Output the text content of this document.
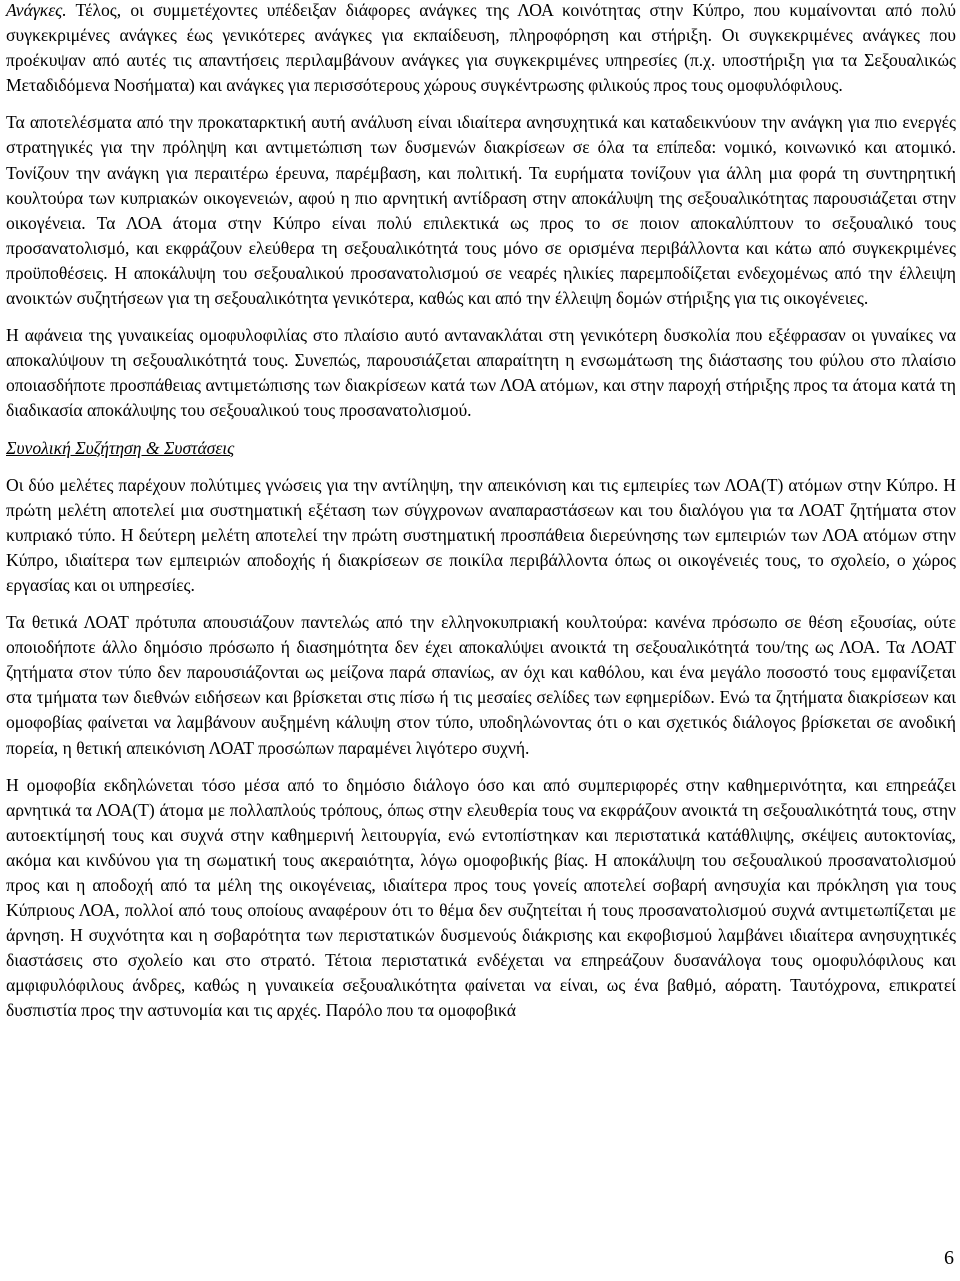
Ανάγκες. Τέλος, οι συμμετέχοντες υπέδειξαν διάφορες ανάγκες της ΛΟΑ κοινότητας στην Κύπρο, που κυμαίνονται από πολύ συγκεκριμένες ανάγκες έως γενικότερες ανάγκες για εκπαίδευση, πληροφόρηση και στήριξη. Οι συγκεκριμένες ανάγκες που προέκυψαν από αυτές τις απαντήσεις περιλαμβάνουν ανάγκες για συγκεκριμένες υπηρεσίες (π.χ. υποστήριξη για τα Σεξουαλικώς Μεταδιδόμενα Νοσήματα) και ανάγκες για περισσότερους χώρους συγκέντρωσης φιλικούς προς τους ομοφυλόφιλους.

Τα αποτελέσματα από την προκαταρκτική αυτή ανάλυση είναι ιδιαίτερα ανησυχητικά και καταδεικνύουν την ανάγκη για πιο ενεργές στρατηγικές για την πρόληψη και αντιμετώπιση των δυσμενών διακρίσεων σε όλα τα επίπεδα: νομικό, κοινωνικό και ατομικό. Τονίζουν την ανάγκη για περαιτέρω έρευνα, παρέμβαση, και πολιτική. Τα ευρήματα τονίζουν για άλλη μια φορά τη συντηρητική κουλτούρα των κυπριακών οικογενειών, αφού η πιο αρνητική αντίδραση στην αποκάλυψη της σεξουαλικότητας παρουσιάζεται στην οικογένεια. Τα ΛΟΑ άτομα στην Κύπρο είναι πολύ επιλεκτικά ως προς το σε ποιον αποκαλύπτουν το σεξουαλικό τους προσανατολισμό, και εκφράζουν ελεύθερα τη σεξουαλικότητά τους μόνο σε ορισμένα περιβάλλοντα και κάτω από συγκεκριμένες προϋποθέσεις. Η αποκάλυψη του σεξουαλικού προσανατολισμού σε νεαρές ηλικίες παρεμποδίζεται ενδεχομένως από την έλλειψη ανοικτών συζητήσεων για τη σεξουαλικότητα γενικότερα, καθώς και από την έλλειψη δομών στήριξης για τις οικογένειες.

Η αφάνεια της γυναικείας ομοφυλοφιλίας στο πλαίσιο αυτό αντανακλάται στη γενικότερη δυσκολία που εξέφρασαν οι γυναίκες να αποκαλύψουν τη σεξουαλικότητά τους. Συνεπώς, παρουσιάζεται απαραίτητη η ενσωμάτωση της διάστασης του φύλου στο πλαίσιο οποιασδήποτε προσπάθειας αντιμετώπισης των διακρίσεων κατά των ΛΟΑ ατόμων, και στην παροχή στήριξης προς τα άτομα κατά τη διαδικασία αποκάλυψης του σεξουαλικού τους προσανατολισμού.

Συνολική Συζήτηση & Συστάσεις

Οι δύο μελέτες παρέχουν πολύτιμες γνώσεις για την αντίληψη, την απεικόνιση και τις εμπειρίες των ΛΟΑ(Τ) ατόμων στην Κύπρο. Η πρώτη μελέτη αποτελεί μια συστηματική εξέταση των σύγχρονων αναπαραστάσεων και του διαλόγου για τα ΛΟΑΤ ζητήματα στον κυπριακό τύπο. Η δεύτερη μελέτη αποτελεί την πρώτη συστηματική προσπάθεια διερεύνησης των εμπειριών των ΛΟΑ ατόμων στην Κύπρο, ιδιαίτερα των εμπειριών αποδοχής ή διακρίσεων σε ποικίλα περιβάλλοντα όπως οι οικογένειές τους, το σχολείο, ο χώρος εργασίας και οι υπηρεσίες.

Τα θετικά ΛΟΑΤ πρότυπα απουσιάζουν παντελώς από την ελληνοκυπριακή κουλτούρα: κανένα πρόσωπο σε θέση εξουσίας, ούτε οποιοδήποτε άλλο δημόσιο πρόσωπο ή διασημότητα δεν έχει αποκαλύψει ανοικτά τη σεξουαλικότητά του/της ως ΛΟΑ. Τα ΛΟΑΤ ζητήματα στον τύπο δεν παρουσιάζονται ως μείζονα παρά σπανίως, αν όχι και καθόλου, και ένα μεγάλο ποσοστό τους εμφανίζεται στα τμήματα των διεθνών ειδήσεων και βρίσκεται στις πίσω ή τις μεσαίες σελίδες των εφημερίδων. Ενώ τα ζητήματα διακρίσεων και ομοφοβίας φαίνεται να λαμβάνουν αυξημένη κάλυψη στον τύπο, υποδηλώνοντας ότι ο και σχετικός διάλογος βρίσκεται σε ανοδική πορεία, η θετική απεικόνιση ΛΟΑΤ προσώπων παραμένει λιγότερο συχνή.

Η ομοφοβία εκδηλώνεται τόσο μέσα από το δημόσιο διάλογο όσο και από συμπεριφορές στην καθημερινότητα, και επηρεάζει αρνητικά τα ΛΟΑ(Τ) άτομα με πολλαπλούς τρόπους, όπως στην ελευθερία τους να εκφράζουν ανοικτά τη σεξουαλικότητά τους, στην αυτοεκτίμησή τους και συχνά στην καθημερινή λειτουργία, ενώ εντοπίστηκαν και περιστατικά κατάθλιψης, σκέψεις αυτοκτονίας, ακόμα και κινδύνου για τη σωματική τους ακεραιότητα, λόγω ομοφοβικής βίας. Η αποκάλυψη του σεξουαλικού προσανατολισμού προς και η αποδοχή από τα μέλη της οικογένειας, ιδιαίτερα προς τους γονείς αποτελεί σοβαρή ανησυχία και πρόκληση για τους Κύπριους ΛΟΑ, πολλοί από τους οποίους αναφέρουν ότι το θέμα δεν συζητείται ή τους προσανατολισμού συχνά αντιμετωπίζεται με άρνηση. Η συχνότητα και η σοβαρότητα των περιστατικών δυσμενούς διάκρισης και εκφοβισμού λαμβάνει ιδιαίτερα ανησυχητικές διαστάσεις στο σχολείο και στο στρατό. Τέτοια περιστατικά ενδέχεται να επηρεάζουν δυσανάλογα τους ομοφυλόφιλους και αμφιφυλόφιλους άνδρες, καθώς η γυναικεία σεξουαλικότητα φαίνεται να είναι, ως ένα βαθμό, αόρατη. Ταυτόχρονα, επικρατεί δυσπιστία προς την αστυνομία και τις αρχές. Παρόλο που τα ομοφοβικά

6
